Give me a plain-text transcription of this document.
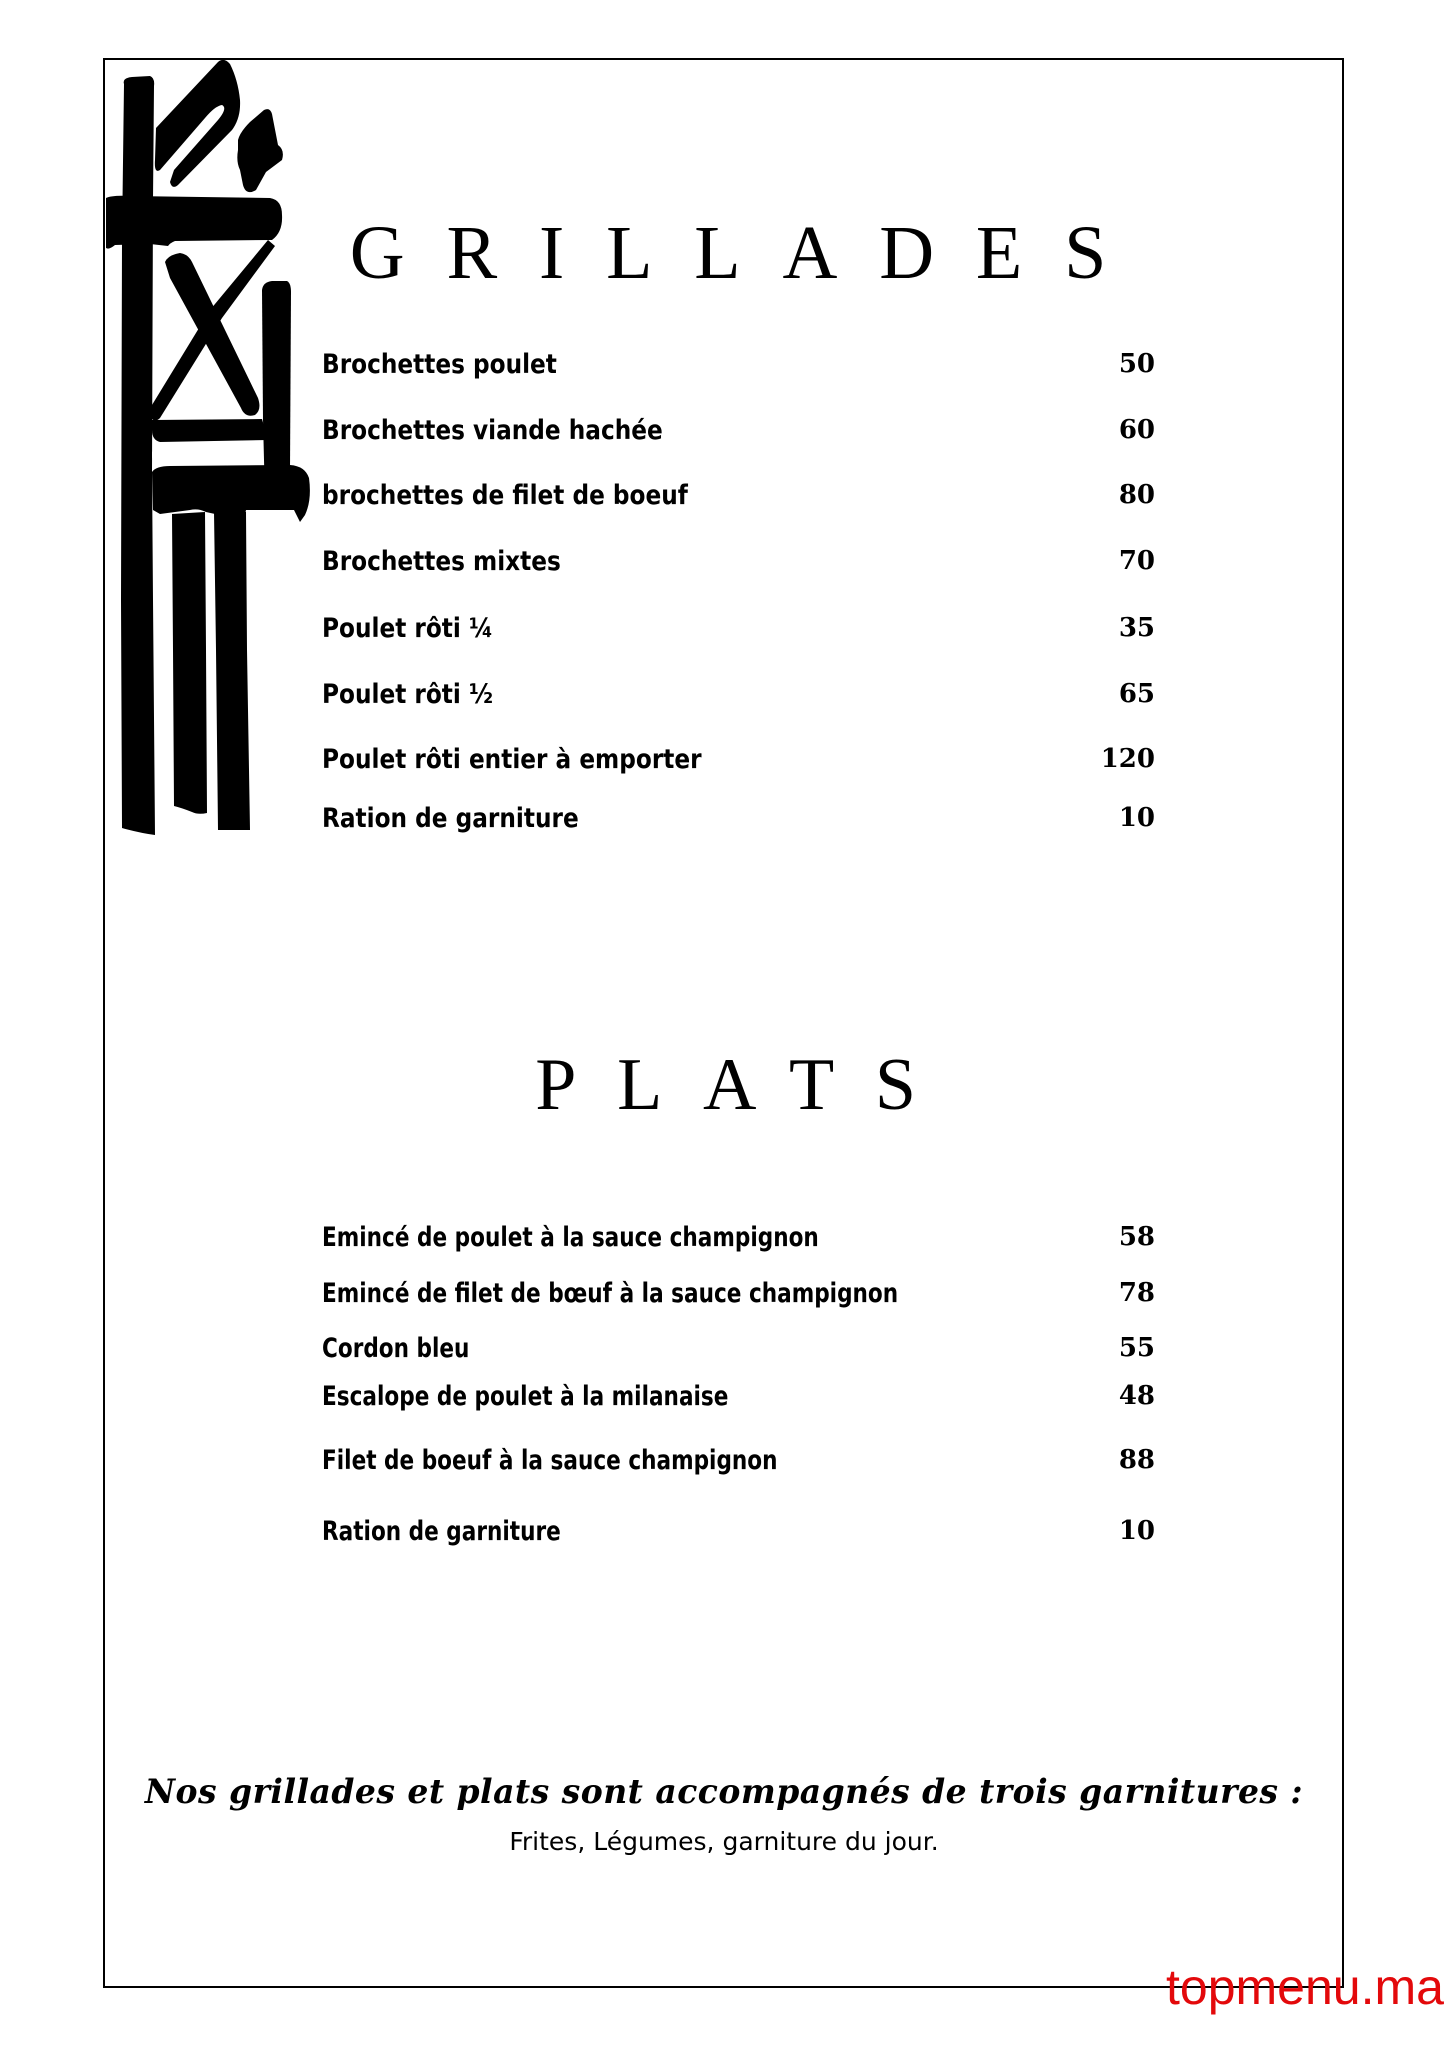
GRILLADES
Brochettes poulet	50
Brochettes viande hachée	60
brochettes de filet de boeuf	80
Brochettes mixtes	70
Poulet rôti ¼	35
Poulet rôti ½	65
Poulet rôti entier à emporter	120
Ration de garniture	10
PLATS
Emincé de poulet à la sauce champignon	58
Emincé de filet de bœuf à la sauce champignon	78
Cordon bleu	55
Escalope de poulet à la milanaise	48
Filet de boeuf à la sauce champignon	88
Ration de garniture	10
Nos grillades et plats sont accompagnés de trois garnitures :
Frites, Légumes, garniture du jour.
topmenu.ma
